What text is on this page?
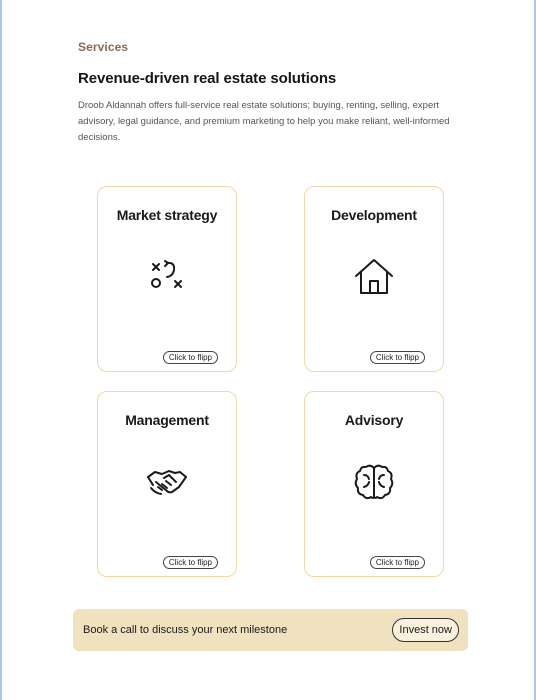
Services
Revenue-driven real estate solutions
Droob Aldannah offers full-service real estate solutions; buying, renting, selling, expert advisory, legal guidance, and premium marketing to help you make reliant, well-informed decisions.
Market strategy
Click to flipp
Development
Click to flipp
Management
Click to flipp
Advisory
Click to flipp
Book a call to discuss your next milestone	Invest now
